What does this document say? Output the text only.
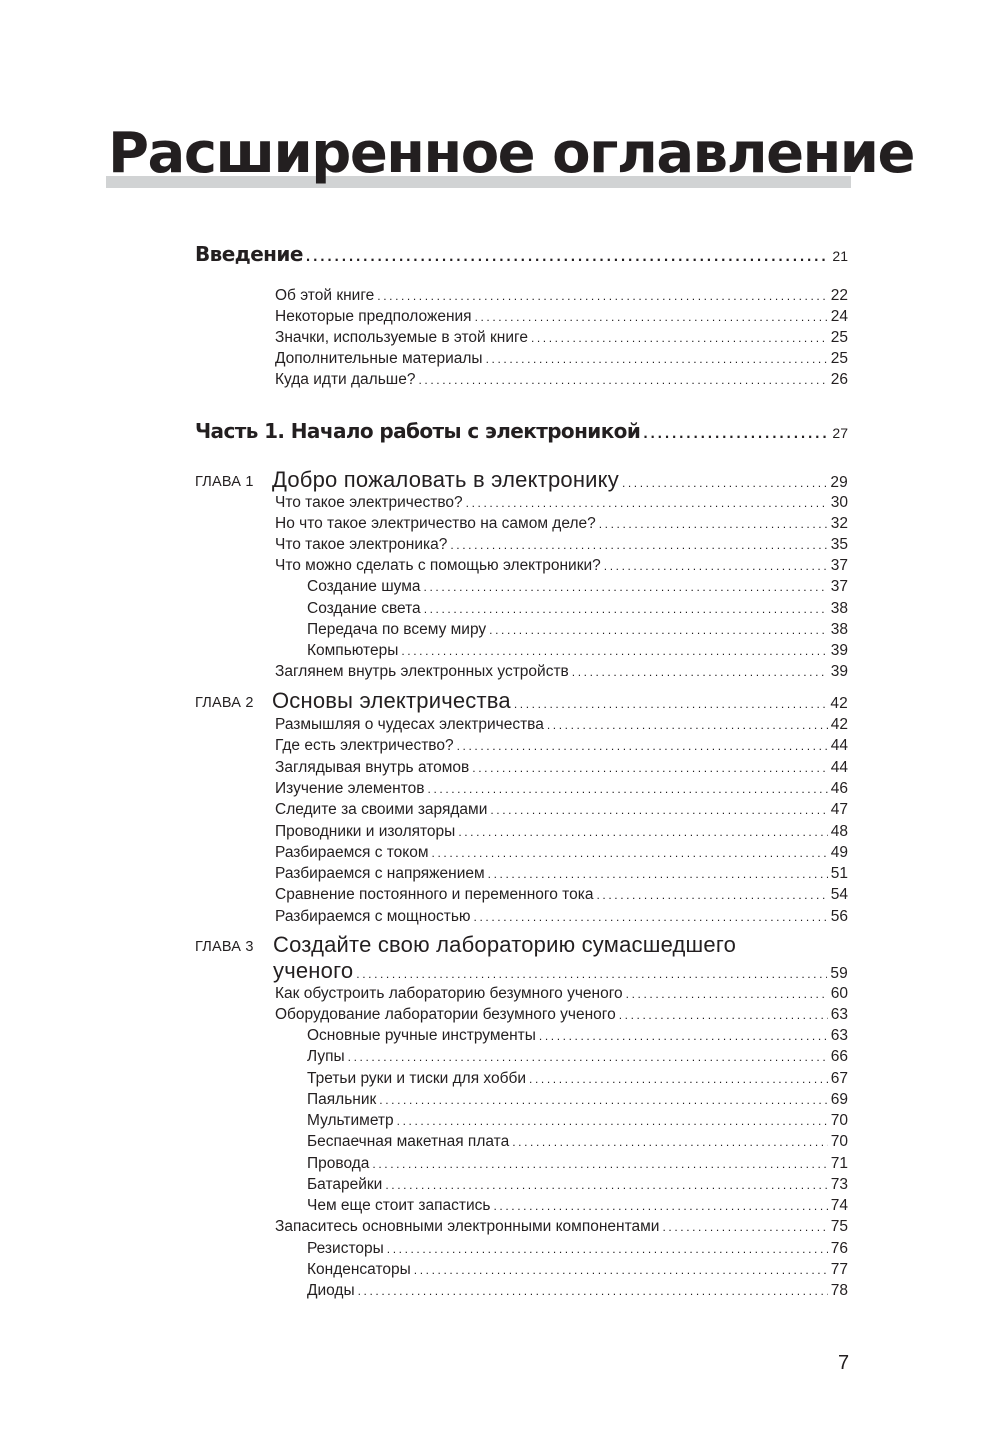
Расширенное оглавление
Введение .....	21
Об этой книге .....	22
Некоторые предположения .....	24
Значки, используемые в этой книге .....	25
Дополнительные материалы .....	25
Куда идти дальше? .....	26
Часть 1. Начало работы с электроникой .....	27
ГЛАВА 1 Добро пожаловать в электронику .....	29
Что такое электричество? .....	30
Но что такое электричество на самом деле? .....	32
Что такое электроника? .....	35
Что можно сделать с помощью электроники? .....	37
Создание шума .....	37
Создание света .....	38
Передача по всему миру .....	38
Компьютеры .....	39
Заглянем внутрь электронных устройств .....	39
ГЛАВА 2 Основы электричества .....	42
Размышляя о чудесах электричества .....	42
Где есть электричество? .....	44
Заглядывая внутрь атомов .....	44
Изучение элементов .....	46
Следите за своими зарядами .....	47
Проводники и изоляторы .....	48
Разбираемся с током .....	49
Разбираемся с напряжением .....	51
Сравнение постоянного и переменного тока .....	54
Разбираемся с мощностью .....	56
ГЛАВА 3 Создайте свою лабораторию сумасшедшего
ученого .....	59
Как обустроить лабораторию безумного ученого .....	60
Оборудование лаборатории безумного ученого .....	63
Основные ручные инструменты .....	63
Лупы .....	66
Третьи руки и тиски для хобби .....	67
Паяльник .....	69
Мультиметр .....	70
Беспаечная макетная плата .....	70
Провода .....	71
Батарейки .....	73
Чем еще стоит запастись .....	74
Запаситесь основными электронными компонентами .....	75
Резисторы .....	76
Конденсаторы .....	77
Диоды .....	78
7
